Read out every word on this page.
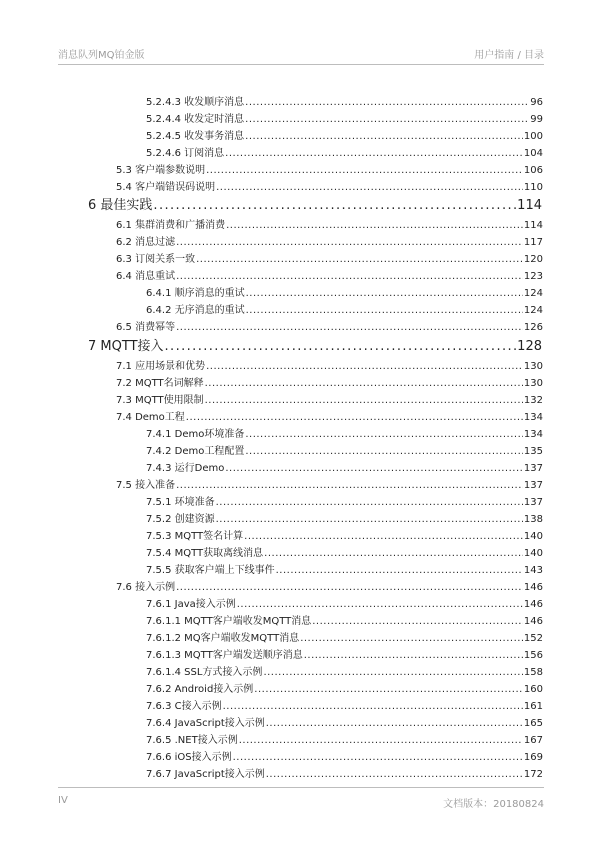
消息队列MQ铂金版	用户指南 / 目录
5.2.4.3 收发顺序消息 .....	96
5.2.4.4 收发定时消息 .....	99
5.2.4.5 收发事务消息 .....	100
5.2.4.6 订阅消息 .....	104
5.3 客户端参数说明 .....	106
5.4 客户端错误码说明 .....	110
6 最佳实践 .....	114
6.1 集群消费和广播消费 .....	114
6.2 消息过滤 .....	117
6.3 订阅关系一致 .....	120
6.4 消息重试 .....	123
6.4.1 顺序消息的重试 .....	124
6.4.2 无序消息的重试 .....	124
6.5 消费幂等 .....	126
7 MQTT接入 .....	128
7.1 应用场景和优势 .....	130
7.2 MQTT名词解释 .....	130
7.3 MQTT使用限制 .....	132
7.4 Demo工程 .....	134
7.4.1 Demo环境准备 .....	134
7.4.2 Demo工程配置 .....	135
7.4.3 运行Demo .....	137
7.5 接入准备 .....	137
7.5.1 环境准备 .....	137
7.5.2 创建资源 .....	138
7.5.3 MQTT签名计算 .....	140
7.5.4 MQTT获取离线消息 .....	140
7.5.5 获取客户端上下线事件 .....	143
7.6 接入示例 .....	146
7.6.1 Java接入示例 .....	146
7.6.1.1 MQTT客户端收发MQTT消息 .....	146
7.6.1.2 MQ客户端收发MQTT消息 .....	152
7.6.1.3 MQTT客户端发送顺序消息 .....	156
7.6.1.4 SSL方式接入示例 .....	158
7.6.2 Android接入示例 .....	160
7.6.3 C接入示例 .....	161
7.6.4 JavaScript接入示例 .....	165
7.6.5 .NET接入示例 .....	167
7.6.6 iOS接入示例 .....	169
7.6.7 JavaScript接入示例 .....	172
IV	文档版本：20180824
